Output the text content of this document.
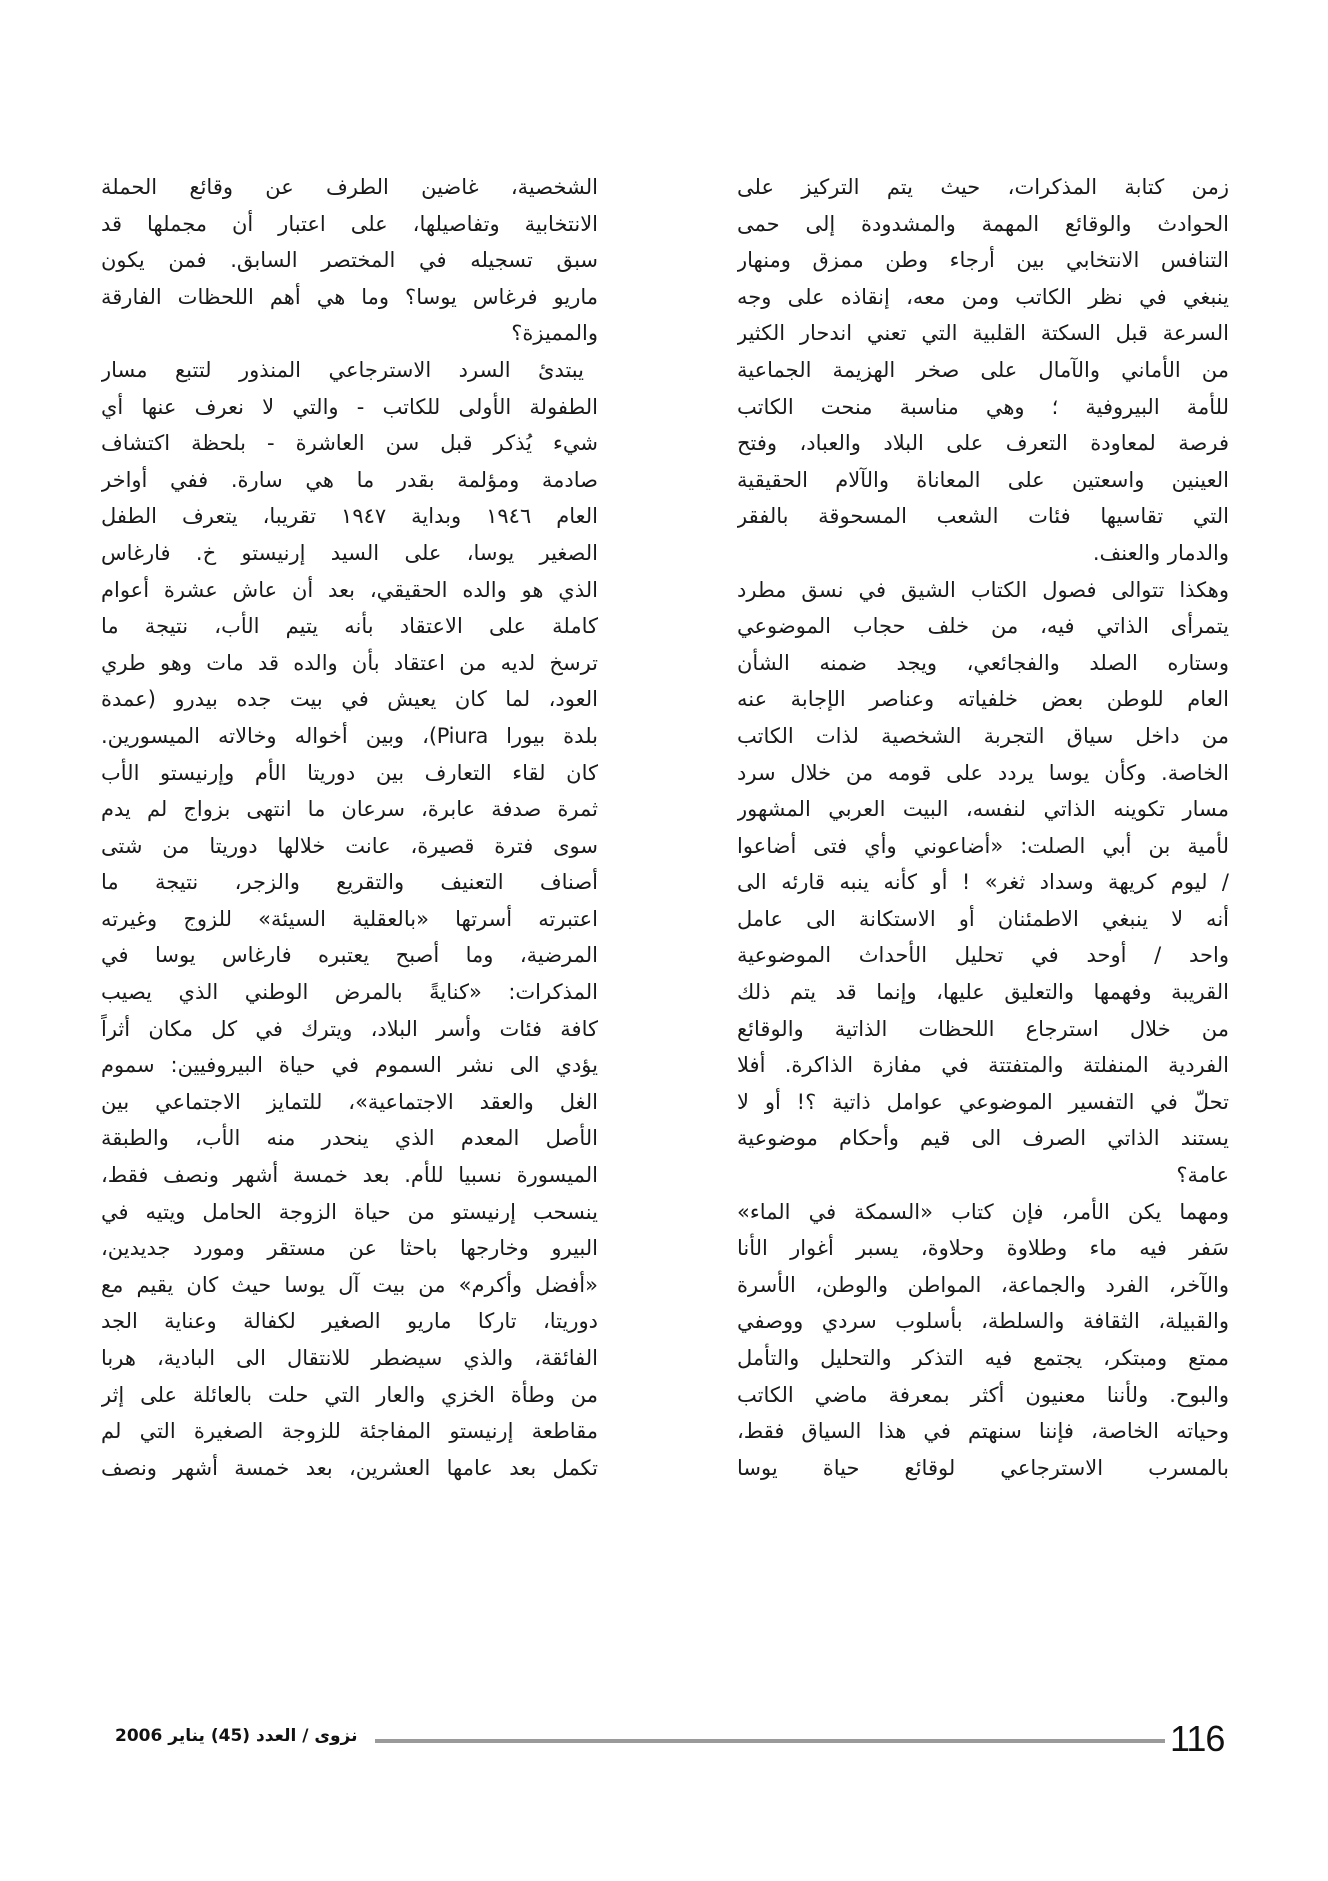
زمن كتابة المذكرات، حيث يتم التركيز على
الحوادث والوقائع المهمة والمشدودة إلى حمى
التنافس الانتخابي بين أرجاء وطن ممزق ومنهار
ينبغي في نظر الكاتب ومن معه، إنقاذه على وجه
السرعة قبل السكتة القلبية التي تعني اندحار الكثير
من الأماني والآمال على صخر الهزيمة الجماعية
للأمة البيروفية ؛ وهي مناسبة منحت الكاتب
فرصة لمعاودة التعرف على البلاد والعباد، وفتح
العينين واسعتين على المعاناة والآلام الحقيقية
التي تقاسيها فئات الشعب المسحوقة بالفقر
والدمار والعنف.
وهكذا تتوالى فصول الكتاب الشيق في نسق مطرد
يتمرأى الذاتي فيه، من خلف حجاب الموضوعي
وستاره الصلد والفجائعي، ويجد ضمنه الشأن
العام للوطن بعض خلفياته وعناصر الإجابة عنه
من داخل سياق التجربة الشخصية لذات الكاتب
الخاصة. وكأن يوسا يردد على قومه من خلال سرد
مسار تكوينه الذاتي لنفسه، البيت العربي المشهور
لأمية بن أبي الصلت: «أضاعوني وأي فتى أضاعوا
/ ليوم كريهة وسداد ثغر» ! أو كأنه ينبه قارئه الى
أنه لا ينبغي الاطمئنان أو الاستكانة الى عامل
واحد / أوحد في تحليل الأحداث الموضوعية
القريبة وفهمها والتعليق عليها، وإنما قد يتم ذلك
من خلال استرجاع اللحظات الذاتية والوقائع
الفردية المنفلتة والمتفتتة في مفازة الذاكرة. أفلا
تحلّ في التفسير الموضوعي عوامل ذاتية ؟! أو لا
يستند الذاتي الصرف الى قيم وأحكام موضوعية
عامة؟
ومهما يكن الأمر، فإن كتاب «السمكة في الماء»
سَفر فيه ماء وطلاوة وحلاوة، يسبر أغوار الأنا
والآخر، الفرد والجماعة، المواطن والوطن، الأسرة
والقبيلة، الثقافة والسلطة، بأسلوب سردي ووصفي
ممتع ومبتكر، يجتمع فيه التذكر والتحليل والتأمل
والبوح. ولأننا معنيون أكثر بمعرفة ماضي الكاتب
وحياته الخاصة، فإننا سنهتم في هذا السياق فقط،
بالمسرب الاسترجاعي لوقائع حياة يوسا
الشخصية، غاضين الطرف عن وقائع الحملة
الانتخابية وتفاصيلها، على اعتبار أن مجملها قد
سبق تسجيله في المختصر السابق. فمن يكون
ماريو فرغاس يوسا؟ وما هي أهم اللحظات الفارقة
والمميزة؟
يبتدئ السرد الاسترجاعي المنذور لتتبع مسار
الطفولة الأولى للكاتب - والتي لا نعرف عنها أي
شيء يُذكر قبل سن العاشرة - بلحظة اكتشاف
صادمة ومؤلمة بقدر ما هي سارة. ففي أواخر
العام ١٩٤٦ وبداية ١٩٤٧ تقريبا، يتعرف الطفل
الصغير يوسا، على السيد إرنيستو خ. فارغاس
الذي هو والده الحقيقي، بعد أن عاش عشرة أعوام
كاملة على الاعتقاد بأنه يتيم الأب، نتيجة ما
ترسخ لديه من اعتقاد بأن والده قد مات وهو طري
العود، لما كان يعيش في بيت جده بيدرو (عمدة
بلدة بيورا Piura)، وبين أخواله وخالاته الميسورين.
كان لقاء التعارف بين دوريتا الأم وإرنيستو الأب
ثمرة صدفة عابرة، سرعان ما انتهى بزواج لم يدم
سوى فترة قصيرة، عانت خلالها دوريتا من شتى
أصناف التعنيف والتقريع والزجر، نتيجة ما
اعتبرته أسرتها «بالعقلية السيئة» للزوج وغيرته
المرضية، وما أصبح يعتبره فارغاس يوسا في
المذكرات: «كنايةً بالمرض الوطني الذي يصيب
كافة فئات وأسر البلاد، ويترك في كل مكان أثراً
يؤدي الى نشر السموم في حياة البيروفيين: سموم
الغل والعقد الاجتماعية»، للتمايز الاجتماعي بين
الأصل المعدم الذي ينحدر منه الأب، والطبقة
الميسورة نسبيا للأم. بعد خمسة أشهر ونصف فقط،
ينسحب إرنيستو من حياة الزوجة الحامل ويتيه في
البيرو وخارجها باحثا عن مستقر ومورد جديدين،
«أفضل وأكرم» من بيت آل يوسا حيث كان يقيم مع
دوريتا، تاركا ماريو الصغير لكفالة وعناية الجد
الفائقة، والذي سيضطر للانتقال الى البادية، هربا
من وطأة الخزي والعار التي حلت بالعائلة على إثر
مقاطعة إرنيستو المفاجئة للزوجة الصغيرة التي لم
تكمل بعد عامها العشرين، بعد خمسة أشهر ونصف
نزوى / العدد (45) يناير 2006	116
